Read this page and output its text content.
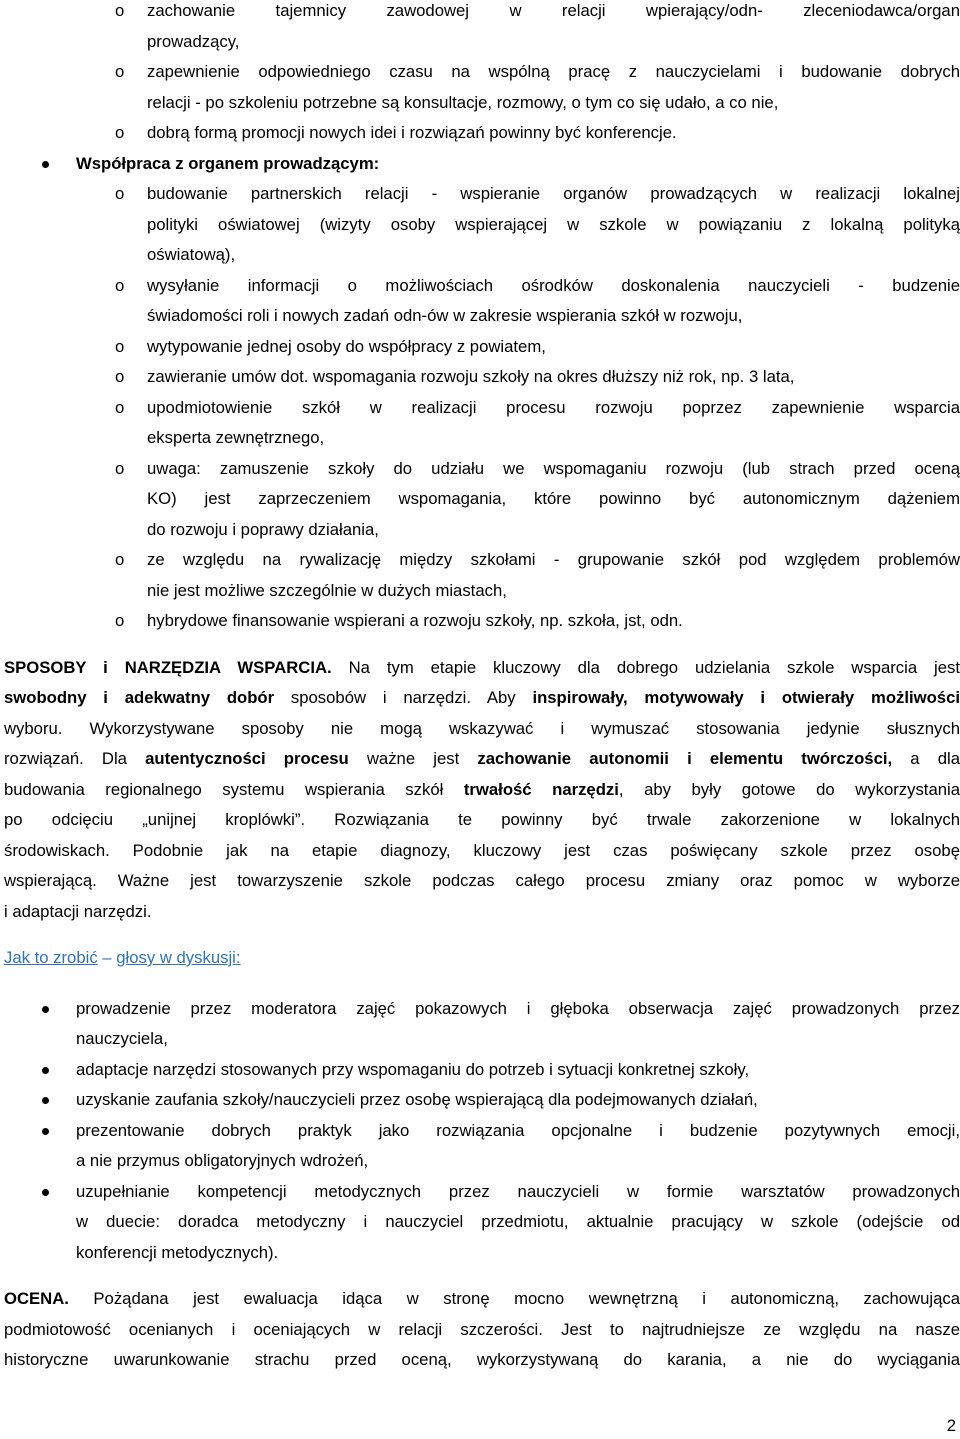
o	zachowanie tajemnicy zawodowej w relacji wpierający/odn- zleceniodawca/organ
prowadzący,
o	zapewnienie odpowiedniego czasu na wspólną pracę z nauczycielami i budowanie dobrych
relacji - po szkoleniu potrzebne są konsultacje, rozmowy, o tym co się udało, a co nie,
o	dobrą formą promocji nowych idei i rozwiązań powinny być konferencje.
Współpraca z organem prowadzącym:
o	budowanie partnerskich relacji - wspieranie organów prowadzących w realizacji lokalnej
polityki oświatowej (wizyty osoby wspierającej w szkole w powiązaniu z lokalną polityką
oświatową),
o	wysyłanie informacji o możliwościach ośrodków doskonalenia nauczycieli - budzenie
świadomości roli i nowych zadań odn-ów w zakresie wspierania szkół w rozwoju,
o	wytypowanie jednej osoby do współpracy z powiatem,
o	zawieranie umów dot. wspomagania rozwoju szkoły na okres dłuższy niż rok, np. 3 lata,
o	upodmiotowienie szkół w realizacji procesu rozwoju poprzez zapewnienie wsparcia
eksperta zewnętrznego,
o	uwaga: zamuszenie szkoły do udziału we wspomaganiu rozwoju (lub strach przed oceną
KO) jest zaprzeczeniem wspomagania, które powinno być autonomicznym dążeniem
do rozwoju i poprawy działania,
o	ze względu na rywalizację między szkołami - grupowanie szkół pod względem problemów
nie jest możliwe szczególnie w dużych miastach,
o	hybrydowe finansowanie wspierani a rozwoju szkoły, np. szkoła, jst, odn.
SPOSOBY i NARZĘDZIA WSPARCIA. Na tym etapie kluczowy dla dobrego udzielania szkole wsparcia jest
swobodny i adekwatny dobór sposobów i narzędzi. Aby inspirowały, motywowały i otwierały możliwości
wyboru. Wykorzystywane sposoby nie mogą wskazywać i wymuszać stosowania jedynie słusznych
rozwiązań. Dla autentyczności procesu ważne jest zachowanie autonomii i elementu twórczości, a dla
budowania regionalnego systemu wspierania szkół trwałość narzędzi, aby były gotowe do wykorzystania
po odcięciu „unijnej kroplówki”. Rozwiązania te powinny być trwale zakorzenione w lokalnych
środowiskach. Podobnie jak na etapie diagnozy, kluczowy jest czas poświęcany szkole przez osobę
wspierającą. Ważne jest towarzyszenie szkole podczas całego procesu zmiany oraz pomoc w wyborze
i adaptacji narzędzi.
Jak to zrobić – głosy w dyskusji:
prowadzenie przez moderatora zajęć pokazowych i głęboka obserwacja zajęć prowadzonych przez
nauczyciela,
adaptacje narzędzi stosowanych przy wspomaganiu do potrzeb i sytuacji konkretnej szkoły,
uzyskanie zaufania szkoły/nauczycieli przez osobę wspierającą dla podejmowanych działań,
prezentowanie dobrych praktyk jako rozwiązania opcjonalne i budzenie pozytywnych emocji,
a nie przymus obligatoryjnych wdrożeń,
uzupełnianie kompetencji metodycznych przez nauczycieli w formie warsztatów prowadzonych
w duecie: doradca metodyczny i nauczyciel przedmiotu, aktualnie pracujący w szkole (odejście od
konferencji metodycznych).
OCENA. Pożądana jest ewaluacja idąca w stronę mocno wewnętrzną i autonomiczną, zachowująca
podmiotowość ocenianych i oceniających w relacji szczerości. Jest to najtrudniejsze ze względu na nasze
historyczne uwarunkowanie strachu przed oceną, wykorzystywaną do karania, a nie do wyciągania
2
